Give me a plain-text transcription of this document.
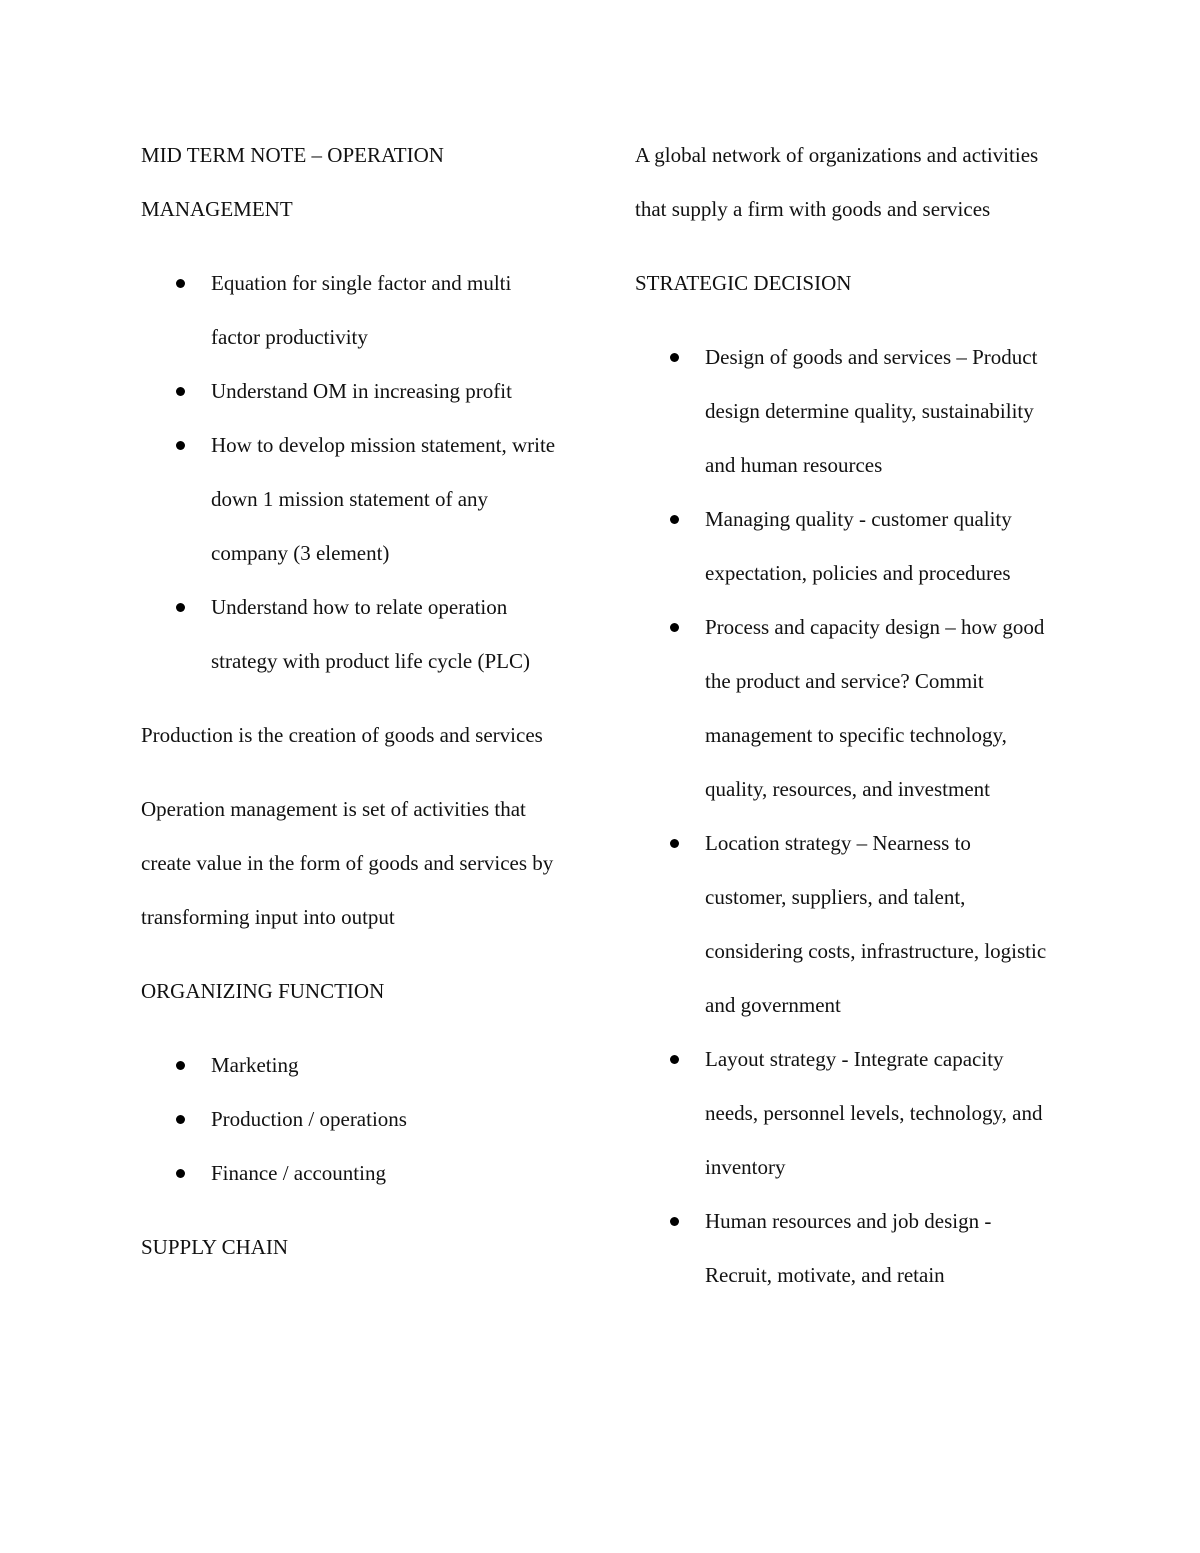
MID TERM NOTE – OPERATION MANAGEMENT

Equation for single factor and multi factor productivity
Understand OM in increasing profit
How to develop mission statement, write down 1 mission statement of any company (3 element)
Understand how to relate operation strategy with product life cycle (PLC)

Production is the creation of goods and services

Operation management is set of activities that create value in the form of goods and services by transforming input into output

ORGANIZING FUNCTION

Marketing
Production / operations
Finance / accounting

SUPPLY CHAIN

A global network of organizations and activities that supply a firm with goods and services

STRATEGIC DECISION

Design of goods and services – Product design determine quality, sustainability and human resources
Managing quality - customer quality expectation, policies and procedures
Process and capacity design – how good the product and service? Commit management to specific technology, quality, resources, and investment
Location strategy – Nearness to customer, suppliers, and talent, considering costs, infrastructure, logistic and government
Layout strategy - Integrate capacity needs, personnel levels, technology, and inventory
Human resources and job design - Recruit, motivate, and retain
